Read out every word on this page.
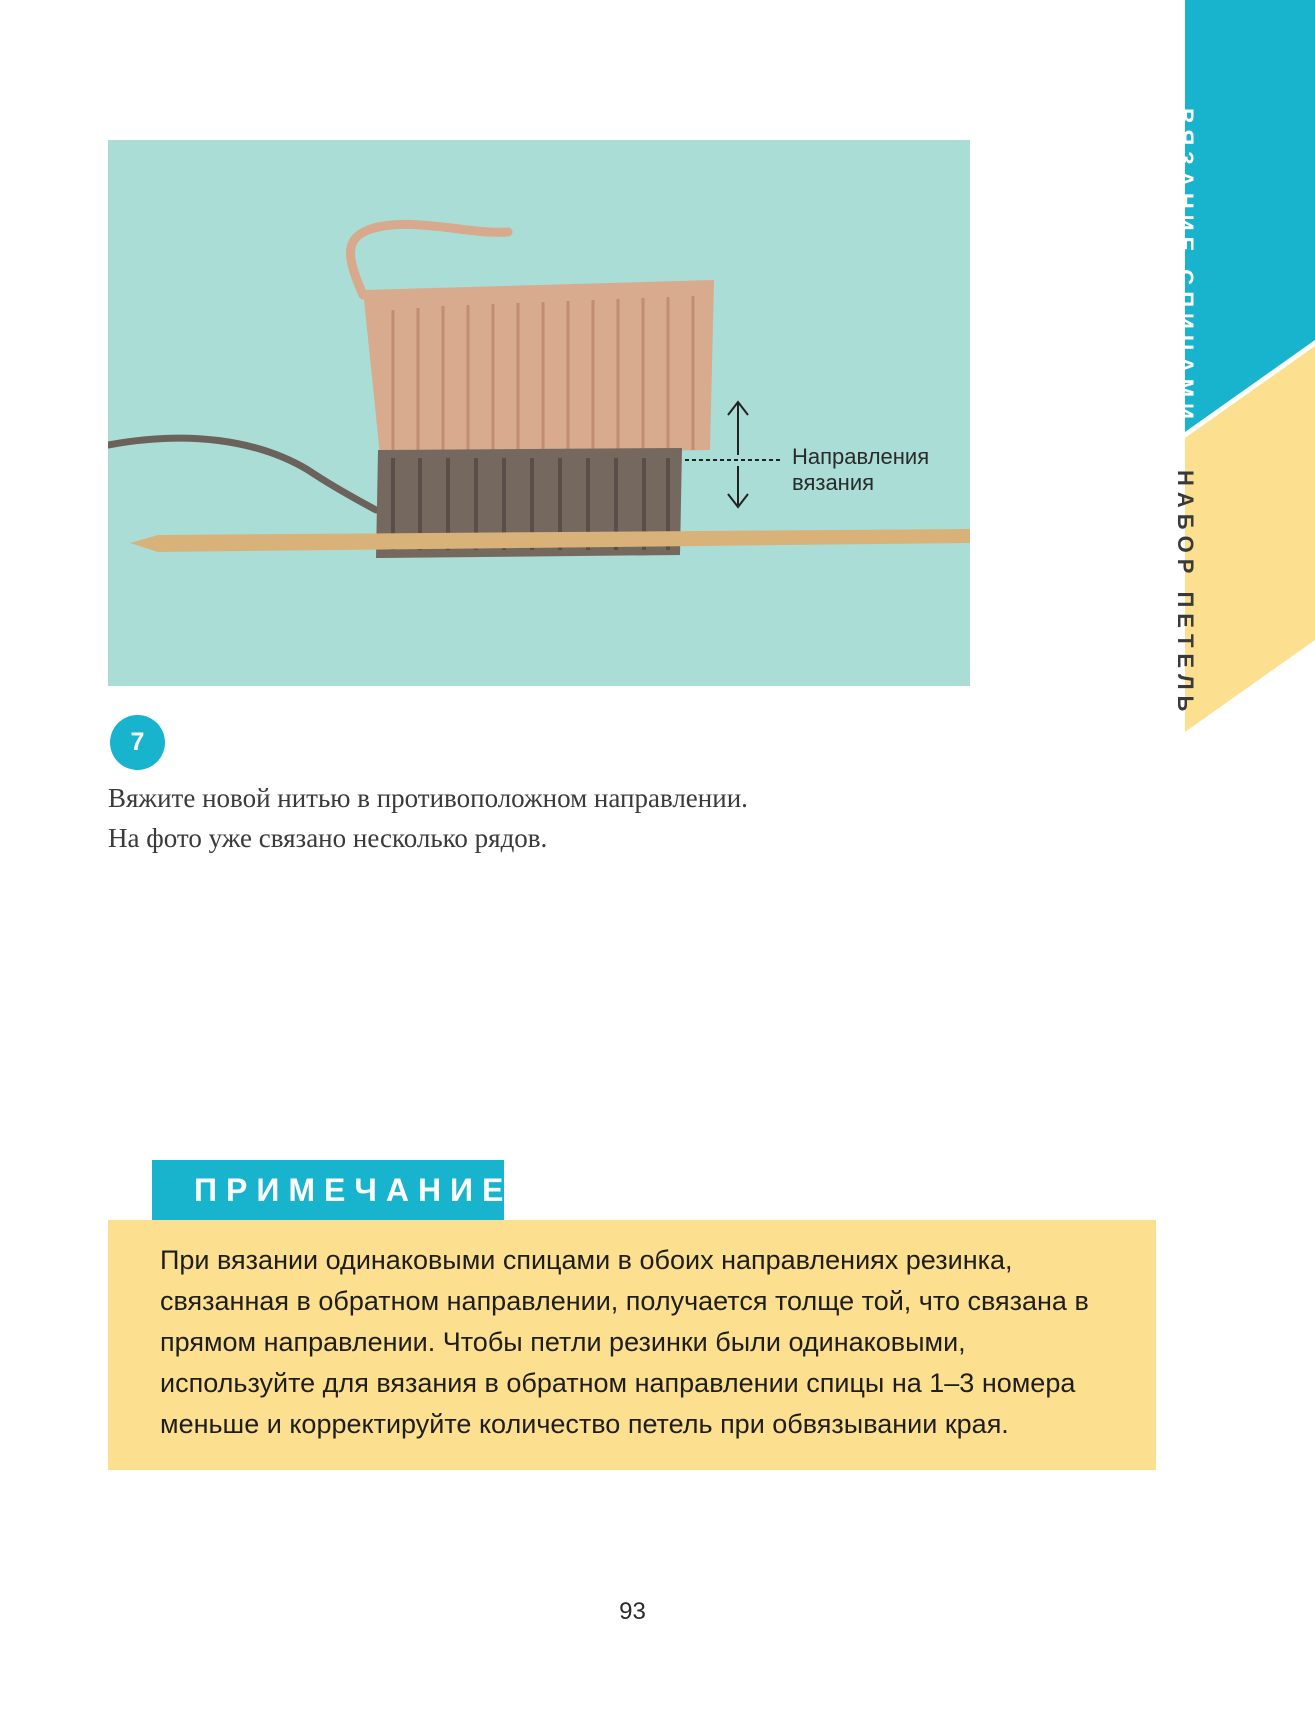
ВЯЗАНИЕ СПИЦАМИ
НАБОР ПЕТЕЛЬ
Направления вязания
7
Вяжите новой нитью в противоположном направлении. На фото уже связано несколько рядов.
ПРИМЕЧАНИЕ
При вязании одинаковыми спицами в обоих направлениях резинка, связанная в обратном направлении, получается толще той, что связана в прямом направлении. Чтобы петли резинки были одинаковыми, используйте для вязания в обратном направлении спицы на 1–3 номера меньше и корректируйте количество петель при обвязывании края.
93
